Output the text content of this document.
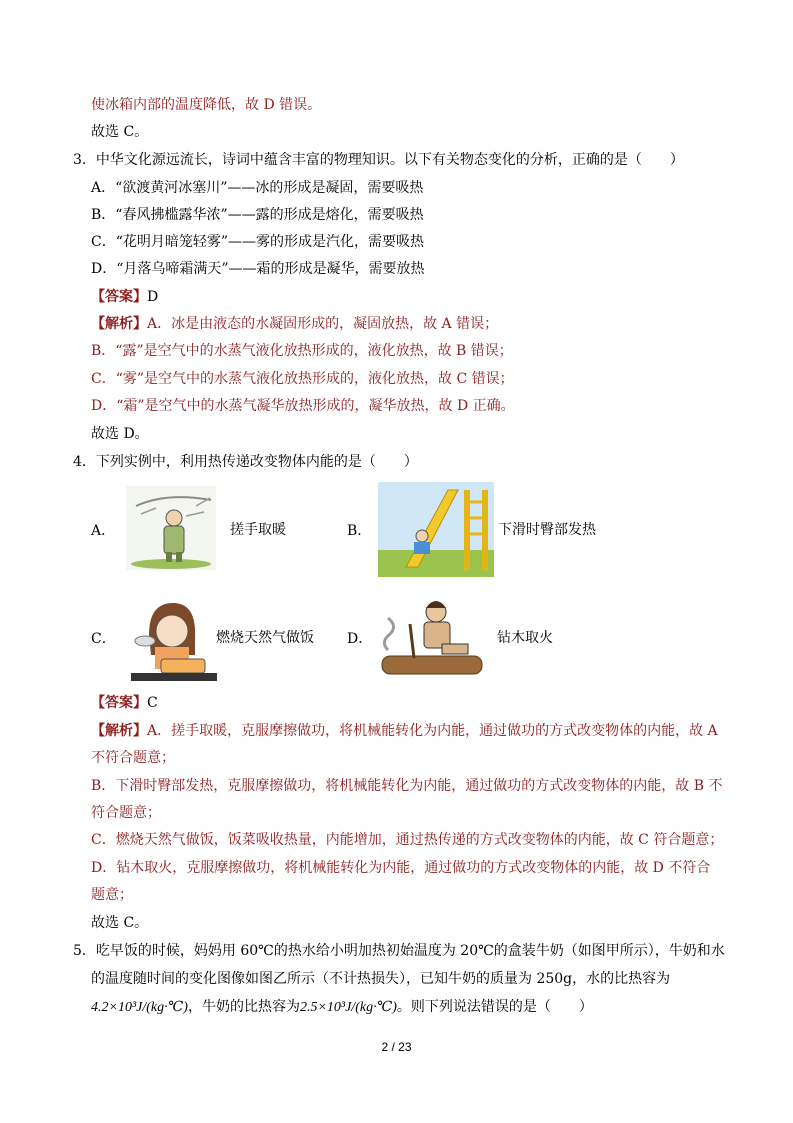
使冰箱内部的温度降低，故 D 错误。
故选 C。
3．中华文化源远流长，诗词中蕴含丰富的物理知识。以下有关物态变化的分析，正确的是（　　）
A．“欲渡黄河冰塞川”——冰的形成是凝固，需要吸热
B．“春风拂槛露华浓”——露的形成是熔化，需要吸热
C．“花明月暗笼轻雾”——雾的形成是汽化，需要吸热
D．“月落乌啼霜满天”——霜的形成是凝华，需要放热
【答案】D
【解析】A．冰是由液态的水凝固形成的，凝固放热，故 A 错误；
B．“露”是空气中的水蒸气液化放热形成的，液化放热，故 B 错误；
C．“雾”是空气中的水蒸气液化放热形成的，液化放热，故 C 错误；
D．“霜”是空气中的水蒸气凝华放热形成的，凝华放热，故 D 正确。
故选 D。
4．下列实例中，利用热传递改变物体内能的是（　　）
A．	搓手取暖	B．	下滑时臀部发热
C．	燃烧天然气做饭 D．	钻木取火
【答案】C
【解析】A．搓手取暖，克服摩擦做功，将机械能转化为内能，通过做功的方式改变物体的内能，故 A
不符合题意；
B．下滑时臀部发热，克服摩擦做功，将机械能转化为内能，通过做功的方式改变物体的内能，故 B 不
符合题意；
C．燃烧天然气做饭，饭菜吸收热量，内能增加，通过热传递的方式改变物体的内能，故 C 符合题意；
D．钻木取火，克服摩擦做功，将机械能转化为内能，通过做功的方式改变物体的内能，故 D 不符合
题意；
故选 C。
5．吃早饭的时候，妈妈用 60℃的热水给小明加热初始温度为 20℃的盒装牛奶（如图甲所示），牛奶和水
的温度随时间的变化图像如图乙所示（不计热损失），已知牛奶的质量为 250g，水的比热容为
4.2×10³J/(kg·℃)，牛奶的比热容为2.5×10³J/(kg·℃)。则下列说法错误的是（　　）
2 / 23
